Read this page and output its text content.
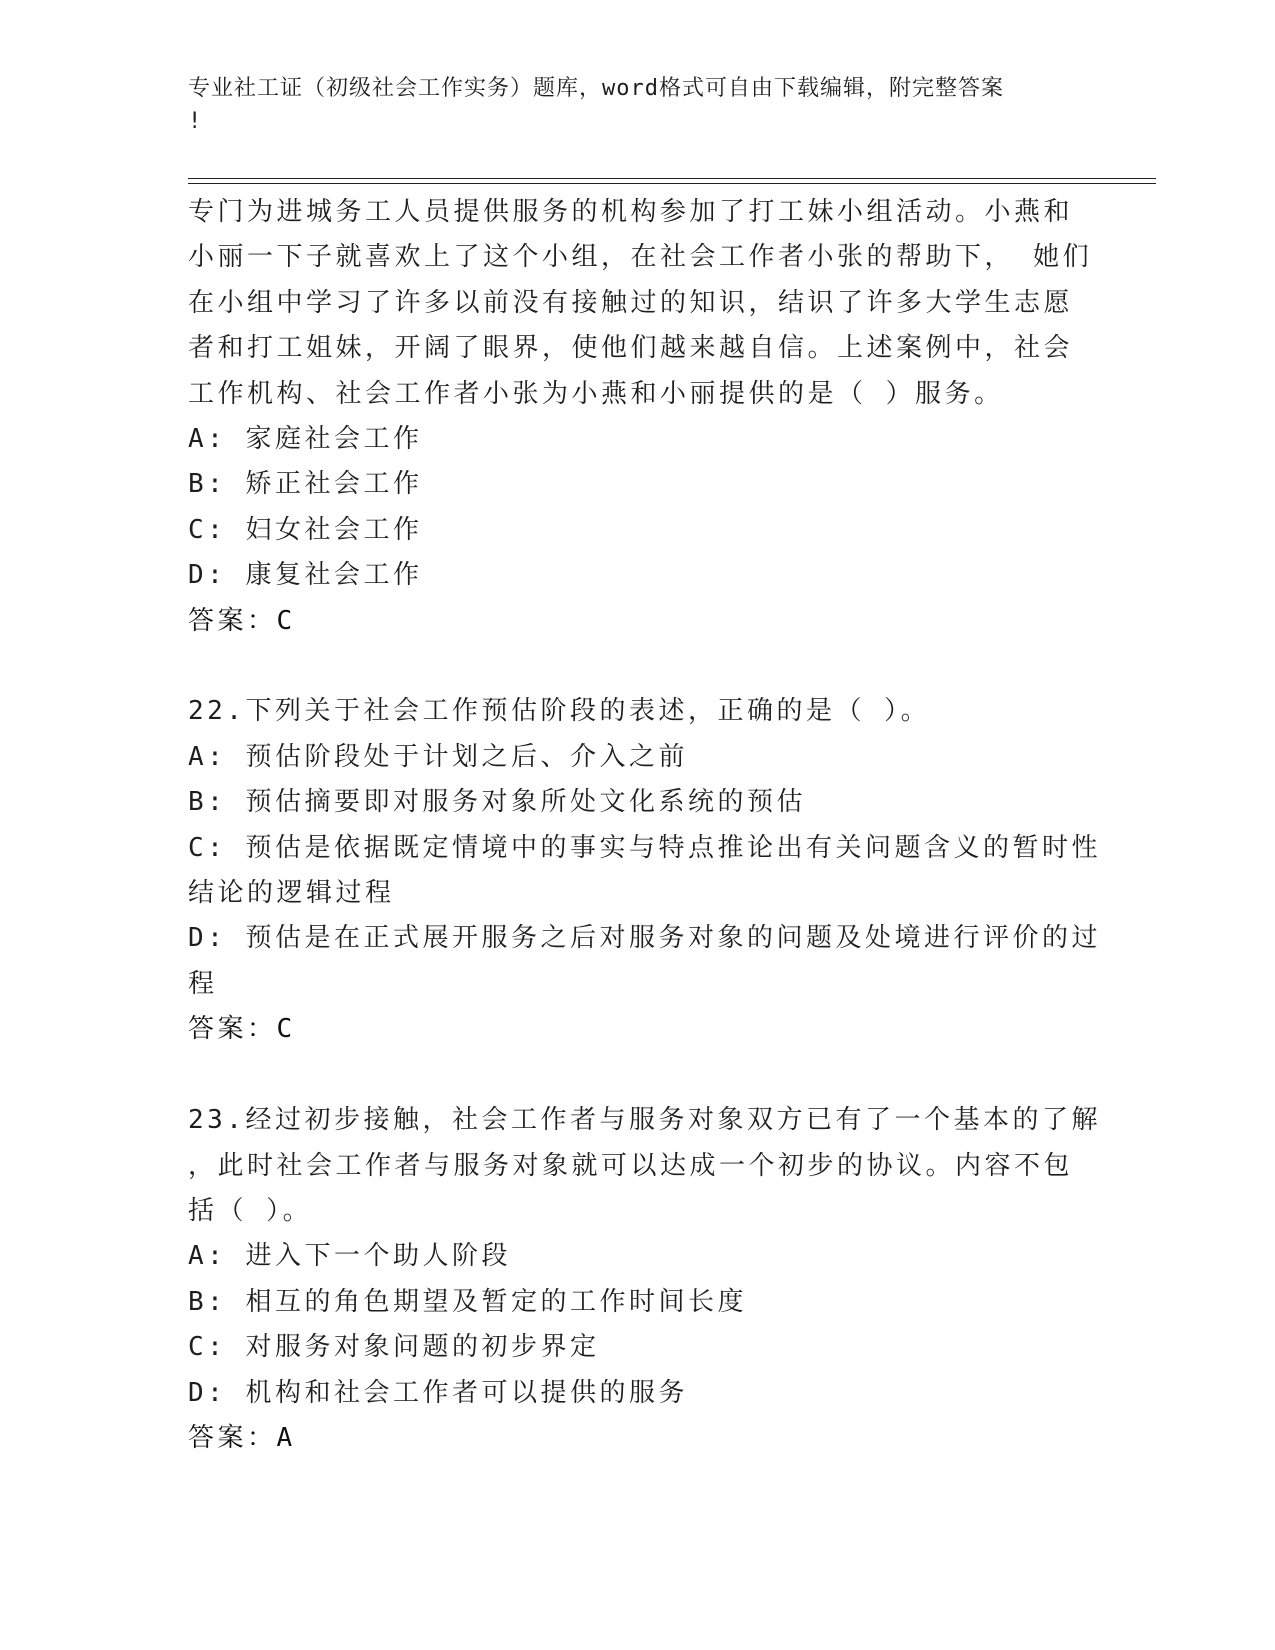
专业社工证（初级社会工作实务）题库，word格式可自由下载编辑，附完整答案
!
专门为进城务工人员提供服务的机构参加了打工妹小组活动。小燕和
小丽一下子就喜欢上了这个小组，在社会工作者小张的帮助下， 她们
在小组中学习了许多以前没有接触过的知识，结识了许多大学生志愿
者和打工姐妹，开阔了眼界，使他们越来越自信。上述案例中，社会
工作机构、社会工作者小张为小燕和小丽提供的是（ ）服务。
A: 家庭社会工作
B: 矫正社会工作
C: 妇女社会工作
D: 康复社会工作
答案：C
22.下列关于社会工作预估阶段的表述，正确的是（ ）。
A: 预估阶段处于计划之后、介入之前
B: 预估摘要即对服务对象所处文化系统的预估
C: 预估是依据既定情境中的事实与特点推论出有关问题含义的暂时性
结论的逻辑过程
D: 预估是在正式展开服务之后对服务对象的问题及处境进行评价的过
程
答案：C
23.经过初步接触，社会工作者与服务对象双方已有了一个基本的了解
，此时社会工作者与服务对象就可以达成一个初步的协议。内容不包
括（ ）。
A: 进入下一个助人阶段
B: 相互的角色期望及暂定的工作时间长度
C: 对服务对象问题的初步界定
D: 机构和社会工作者可以提供的服务
答案：A
